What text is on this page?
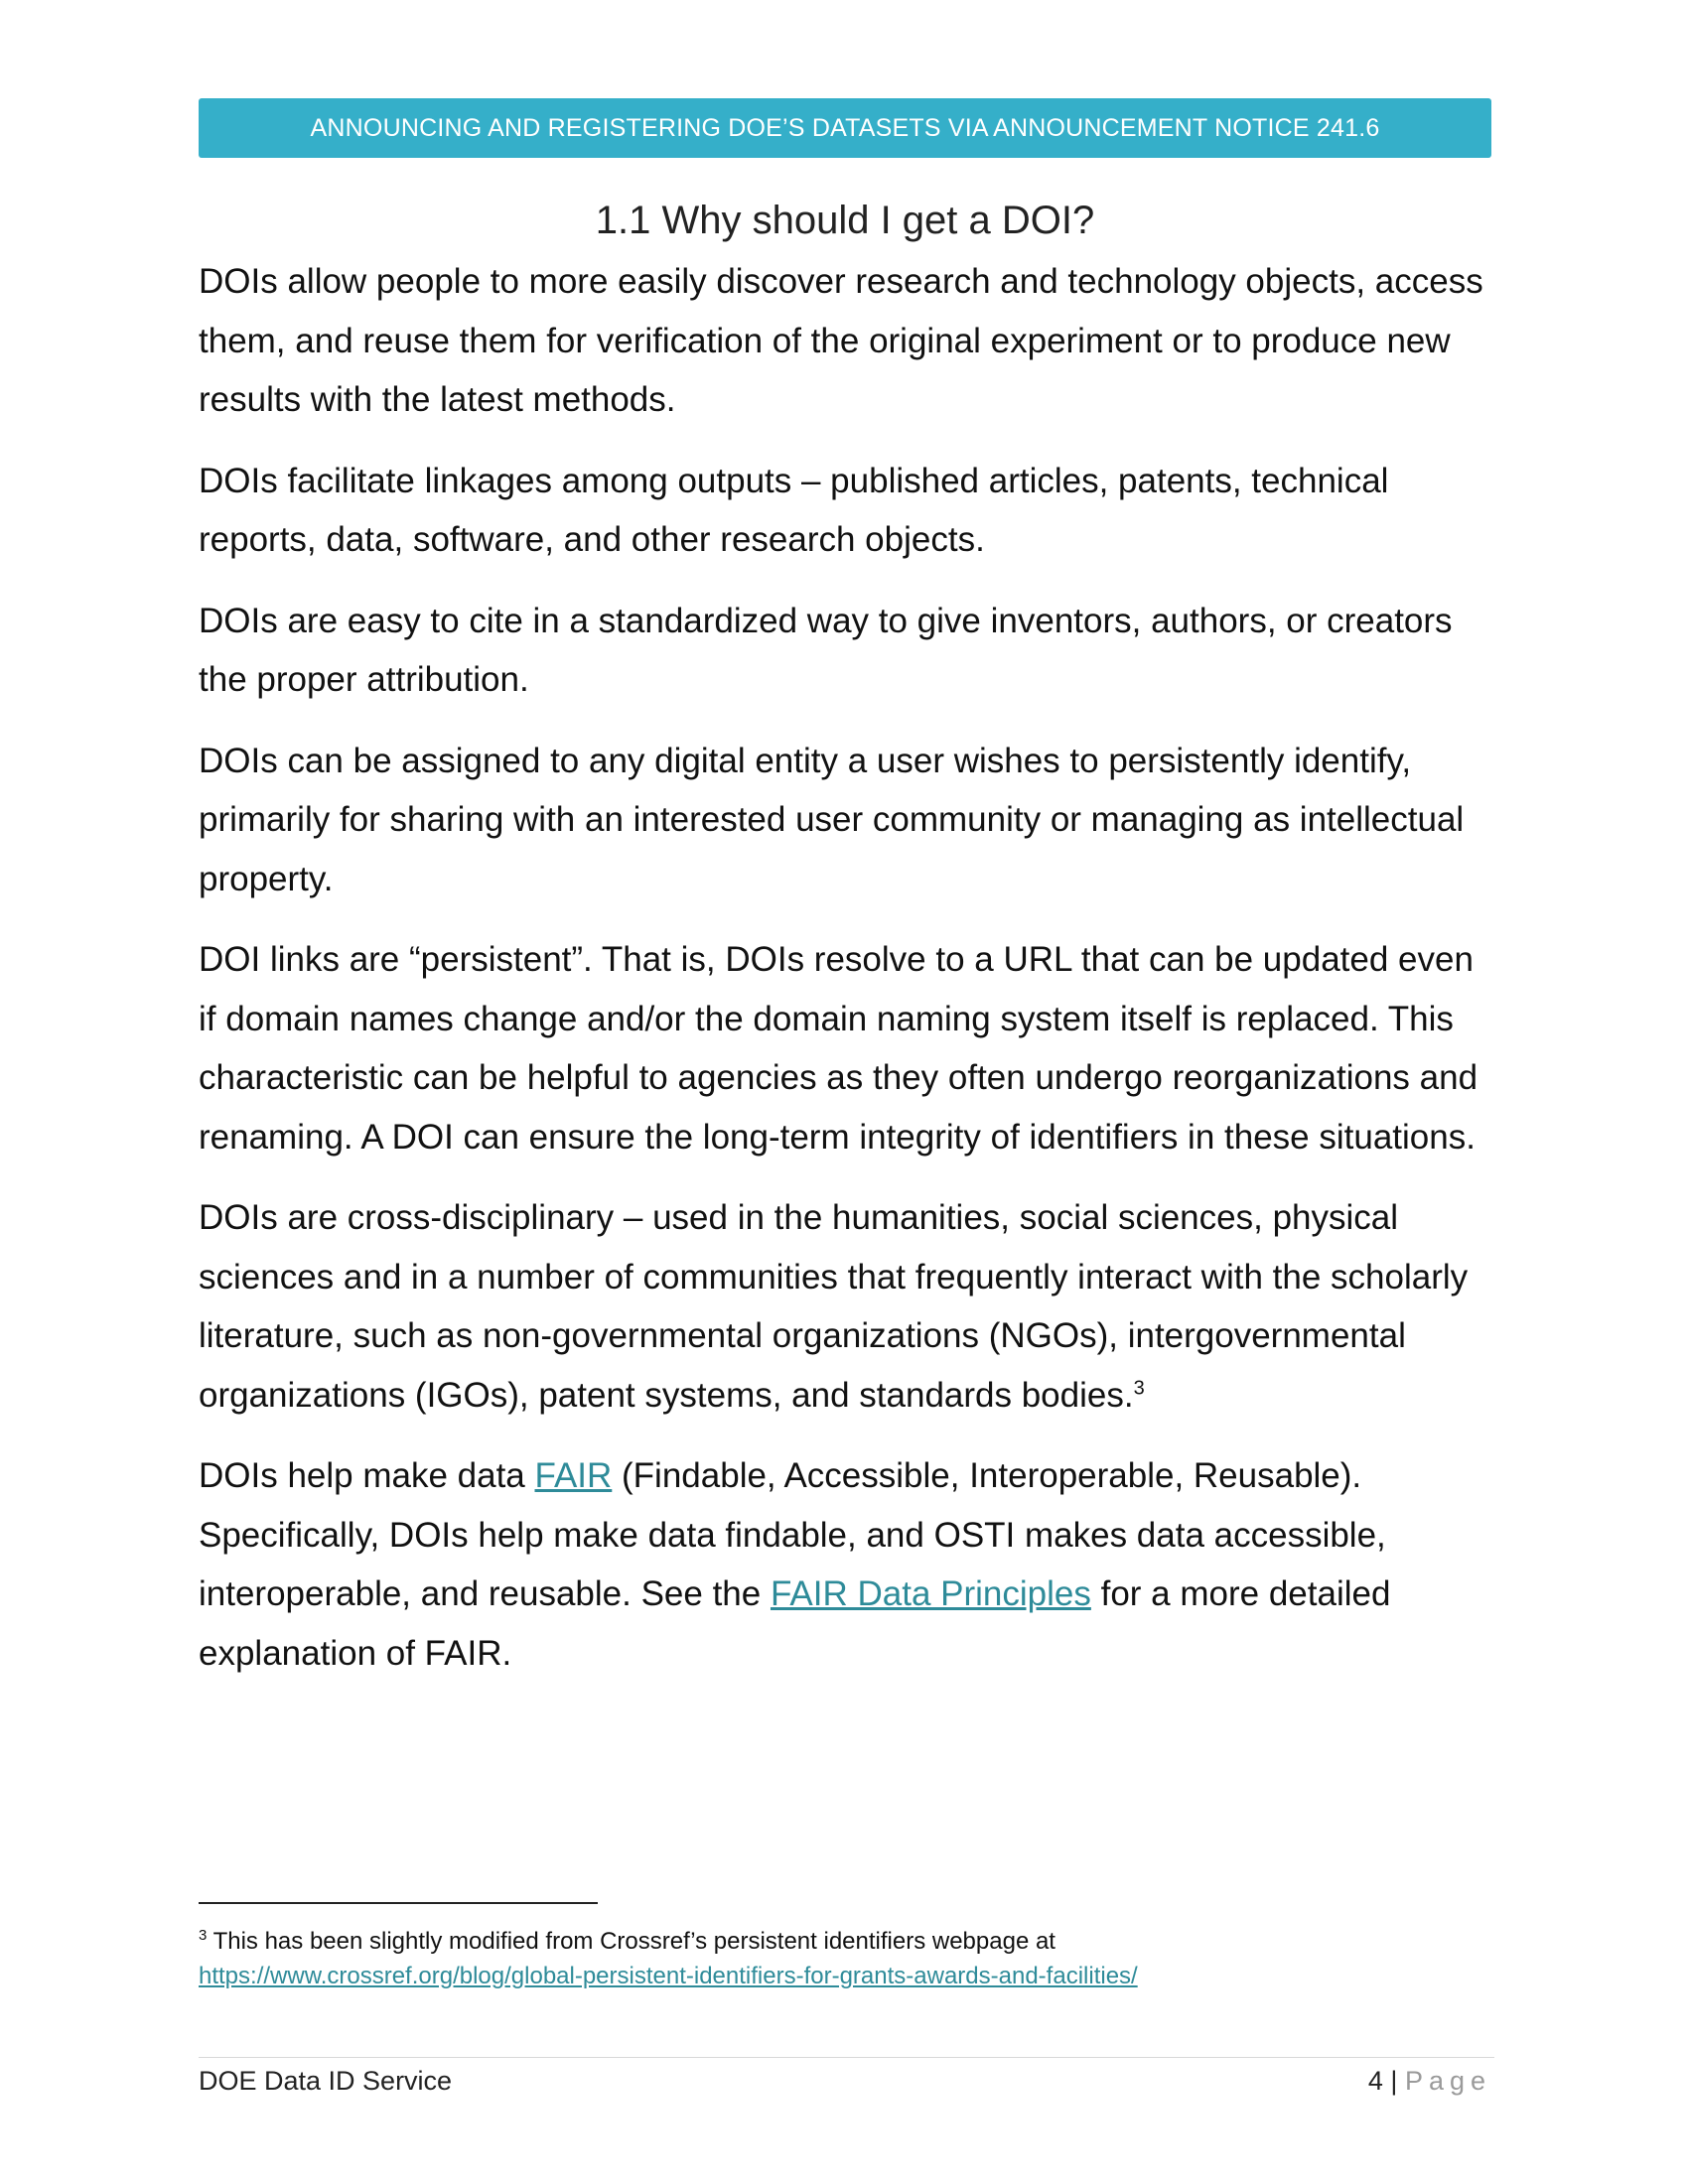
ANNOUNCING AND REGISTERING DOE’S DATASETS VIA ANNOUNCEMENT NOTICE 241.6
1.1 Why should I get a DOI?

DOIs allow people to more easily discover research and technology objects, access them, and reuse them for verification of the original experiment or to produce new results with the latest methods.

DOIs facilitate linkages among outputs – published articles, patents, technical reports, data, software, and other research objects.

DOIs are easy to cite in a standardized way to give inventors, authors, or creators the proper attribution.

DOIs can be assigned to any digital entity a user wishes to persistently identify, primarily for sharing with an interested user community or managing as intellectual property.

DOI links are “persistent”. That is, DOIs resolve to a URL that can be updated even if domain names change and/or the domain naming system itself is replaced. This characteristic can be helpful to agencies as they often undergo reorganizations and renaming. A DOI can ensure the long-term integrity of identifiers in these situations.

DOIs are cross-disciplinary – used in the humanities, social sciences, physical sciences and in a number of communities that frequently interact with the scholarly literature, such as non-governmental organizations (NGOs), intergovernmental organizations (IGOs), patent systems, and standards bodies.$^3$

DOIs help make data FAIR (Findable, Accessible, Interoperable, Reusable). Specifically, DOIs help make data findable, and OSTI makes data accessible, interoperable, and reusable. See the FAIR Data Principles for a more detailed explanation of FAIR.

$^3$ This has been slightly modified from Crossref’s persistent identifiers webpage at
https://www.crossref.org/blog/global-persistent-identifiers-for-grants-awards-and-facilities/
DOE Data ID Service	4 | Page
